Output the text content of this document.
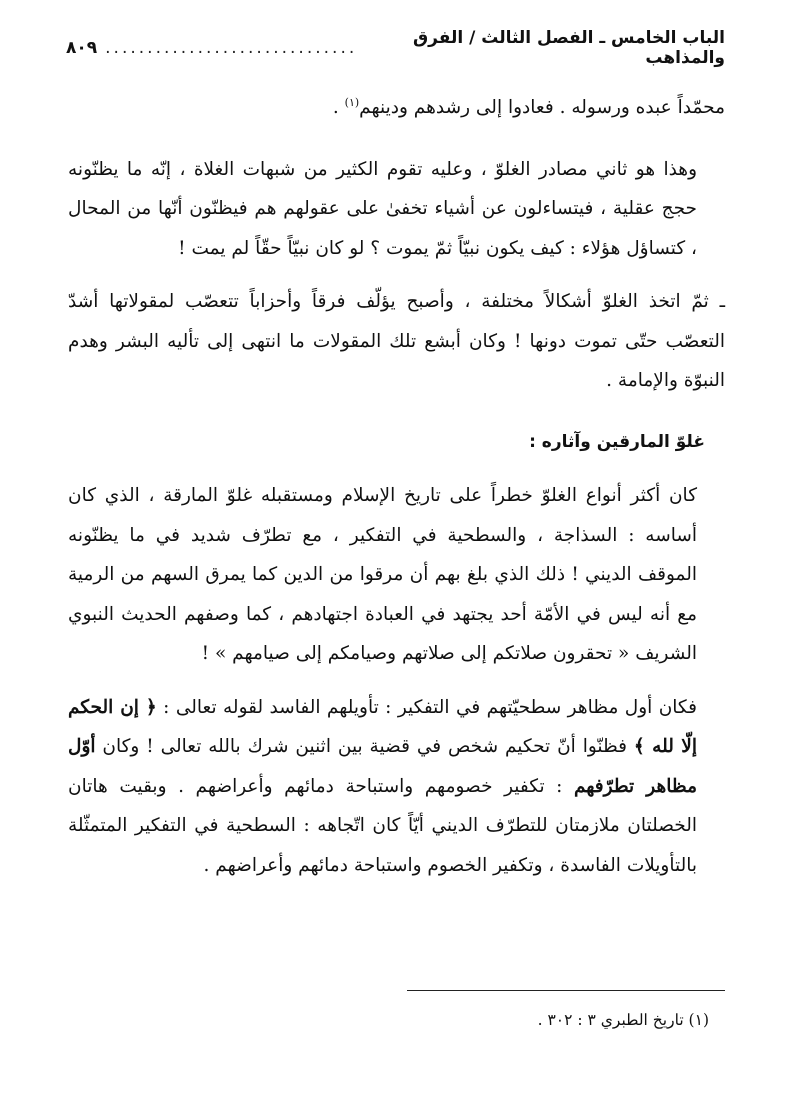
الباب الخامس ـ الفصل الثالث / الفرق والمذاهب
..............................
٨٠٩

محمّداً عبده ورسوله . فعادوا إلى رشدهم ودينهم$^{(١)}$ .

وهذا هو ثاني مصادر الغلوّ ، وعليه تقوم الكثير من شبهات الغلاة ، إنّه ما يظنّونه حجج عقلية ، فيتساءلون عن أشياء تخفىٰ على عقولهم هم فيظنّون أنّها من المحال ، كتساؤل هؤلاء : كيف يكون نبيّاً ثمّ يموت ؟ لو كان نبيّاً حقّاً لم يمت !

ـ ثمّ اتخذ الغلوّ أشكالاً مختلفة ، وأصبح يؤلّف فرقاً وأحزاباً تتعصّب لمقولاتها أشدّ التعصّب حتّى تموت دونها ! وكان أبشع تلك المقولات ما انتهى إلى تأليه البشر وهدم النبوّة والإمامة .

غلوّ المارقين وآثاره :

كان أكثر أنواع الغلوّ خطراً على تاريخ الإسلام ومستقبله غلوّ المارقة ، الذي كان أساسه : السذاجة ، والسطحية في التفكير ، مع تطرّف شديد في ما يظنّونه الموقف الديني ! ذلك الذي بلغ بهم أن مرقوا من الدين كما يمرق السهم من الرمية مع أنه ليس في الأمّة أحد يجتهد في العبادة اجتهادهم ، كما وصفهم الحديث النبوي الشريف « تحقرون صلاتكم إلى صلاتهم وصيامكم إلى صيامهم » !

فكان أول مظاهر سطحيّتهم في التفكير : تأويلهم الفاسد لقوله تعالى : ﴿ إن الحكم إلّا لله ﴾ فظنّوا أنّ تحكيم شخص في قضية بين اثنين شرك بالله تعالى ! وكان أوّل مظاهر تطرّفهم : تكفير خصومهم واستباحة دمائهم وأعراضهم . وبقيت هاتان الخصلتان ملازمتان للتطرّف الديني أيّاً كان اتّجاهه : السطحية في التفكير المتمثّلة بالتأويلات الفاسدة ، وتكفير الخصوم واستباحة دمائهم وأعراضهم .

(١) تاريخ الطبري ٣ : ٣٠٢ .
